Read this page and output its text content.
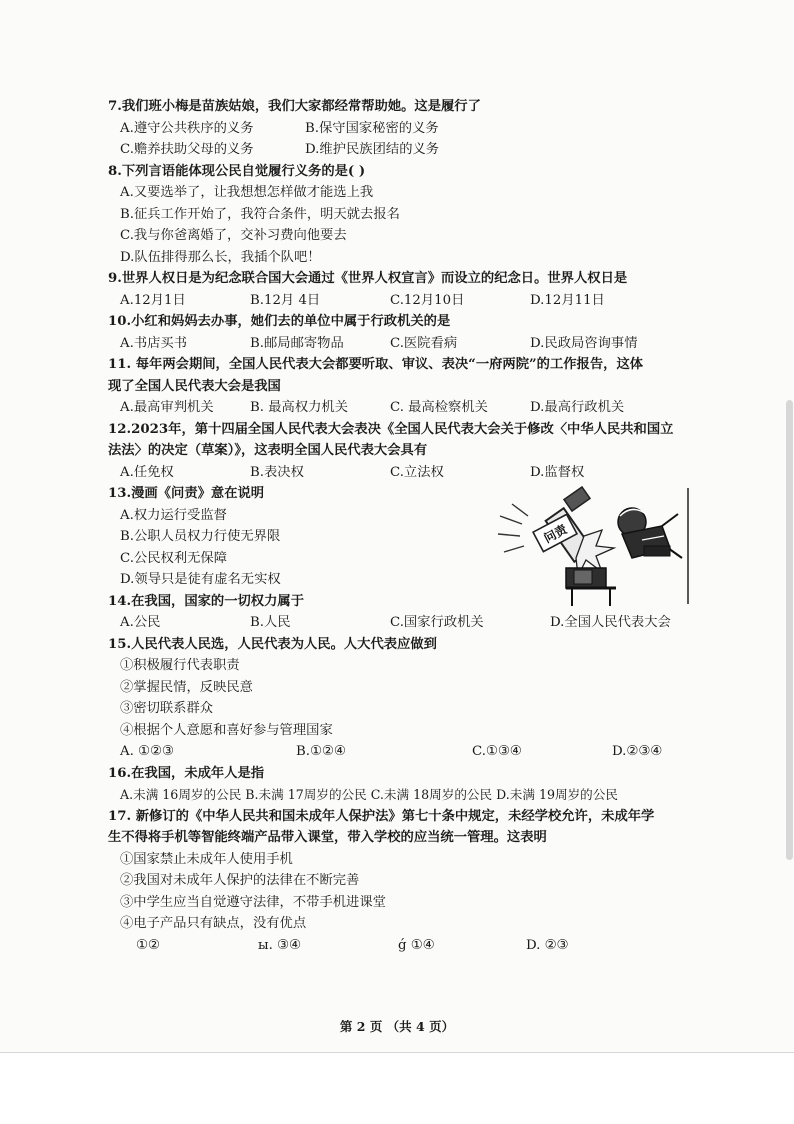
7.我们班小梅是苗族姑娘，我们大家都经常帮助她。这是履行了
A.遵守公共秩序的义务	B.保守国家秘密的义务
C.赡养扶助父母的义务	D.维护民族团结的义务
8.下列言语能体现公民自觉履行义务的是( )
A.又要选举了，让我想想怎样做才能选上我
B.征兵工作开始了，我符合条件，明天就去报名
C.我与你爸离婚了，交补习费向他要去
D.队伍排得那么长，我插个队吧！
9.世界人权日是为纪念联合国大会通过《世界人权宣言》而设立的纪念日。世界人权日是
A.12月1日	B.12月 4日	C.12月10日	D.12月11日
10.小红和妈妈去办事，她们去的单位中属于行政机关的是
A.书店买书	B.邮局邮寄物品	C.医院看病	D.民政局咨询事情
11. 每年两会期间，全国人民代表大会都要听取、审议、表决“一府两院”的工作报告，这体
现了全国人民代表大会是我国
A.最高审判机关	B. 最高权力机关	C. 最高检察机关	D.最高行政机关
12.2023年，第十四届全国人民代表大会表决《全国人民代表大会关于修改〈中华人民共和国立
法法〉的决定（草案）》，这表明全国人民代表大会具有
A.任免权	B.表决权	C.立法权	D.监督权
13.漫画《问责》意在说明
A.权力运行受监督
B.公职人员权力行使无界限
C.公民权利无保障
D.领导只是徒有虚名无实权
14.在我国，国家的一切权力属于
A.公民	B.人民	C.国家行政机关	D.全国人民代表大会
15.人民代表人民选，人民代表为人民。人大代表应做到
①积极履行代表职责
②掌握民情，反映民意
③密切联系群众
④根据个人意愿和喜好参与管理国家
A. ①②③	B.①②④	C.①③④	D.②③④
16.在我国，未成年人是指
A.未满 16周岁的公民 B.未满 17周岁的公民 C.未满 18周岁的公民 D.未满 19周岁的公民
17. 新修订的《中华人民共和国未成年人保护法》第七十条中规定，未经学校允许，未成年学
生不得将手机等智能终端产品带入课堂，带入学校的应当统一管理。这表明
①国家禁止未成年人使用手机
②我国对未成年人保护的法律在不断完善
③中学生应当自觉遵守法律，不带手机进课堂
④电子产品只有缺点，没有优点
①②	ы. ③④	ǵ ①④	D. ②③
问责
第 2 页 （共 4 页）
